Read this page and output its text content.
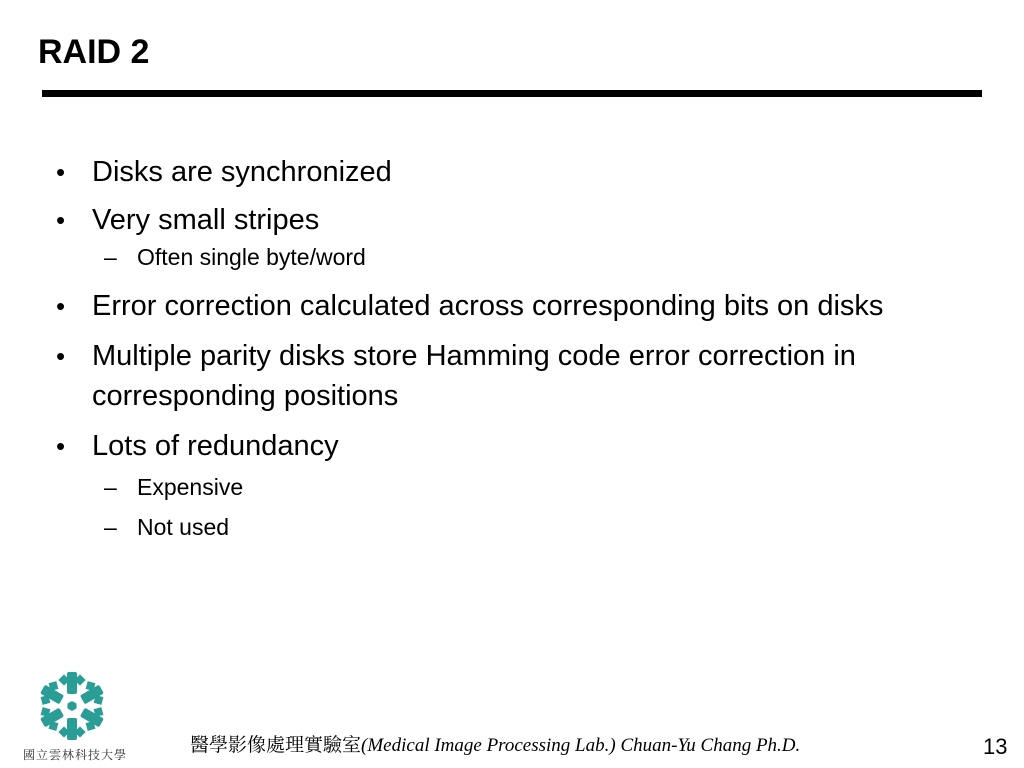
RAID 2
• Disks are synchronized
• Very small stripes
– Often single byte/word
• Error correction calculated across corresponding bits on disks
• Multiple parity disks store Hamming code error correction in corresponding positions
• Lots of redundancy
– Expensive
– Not used
國立雲林科技大學	醫學影像處理實驗室(Medical Image Processing Lab.) Chuan-Yu Chang Ph.D.	13
